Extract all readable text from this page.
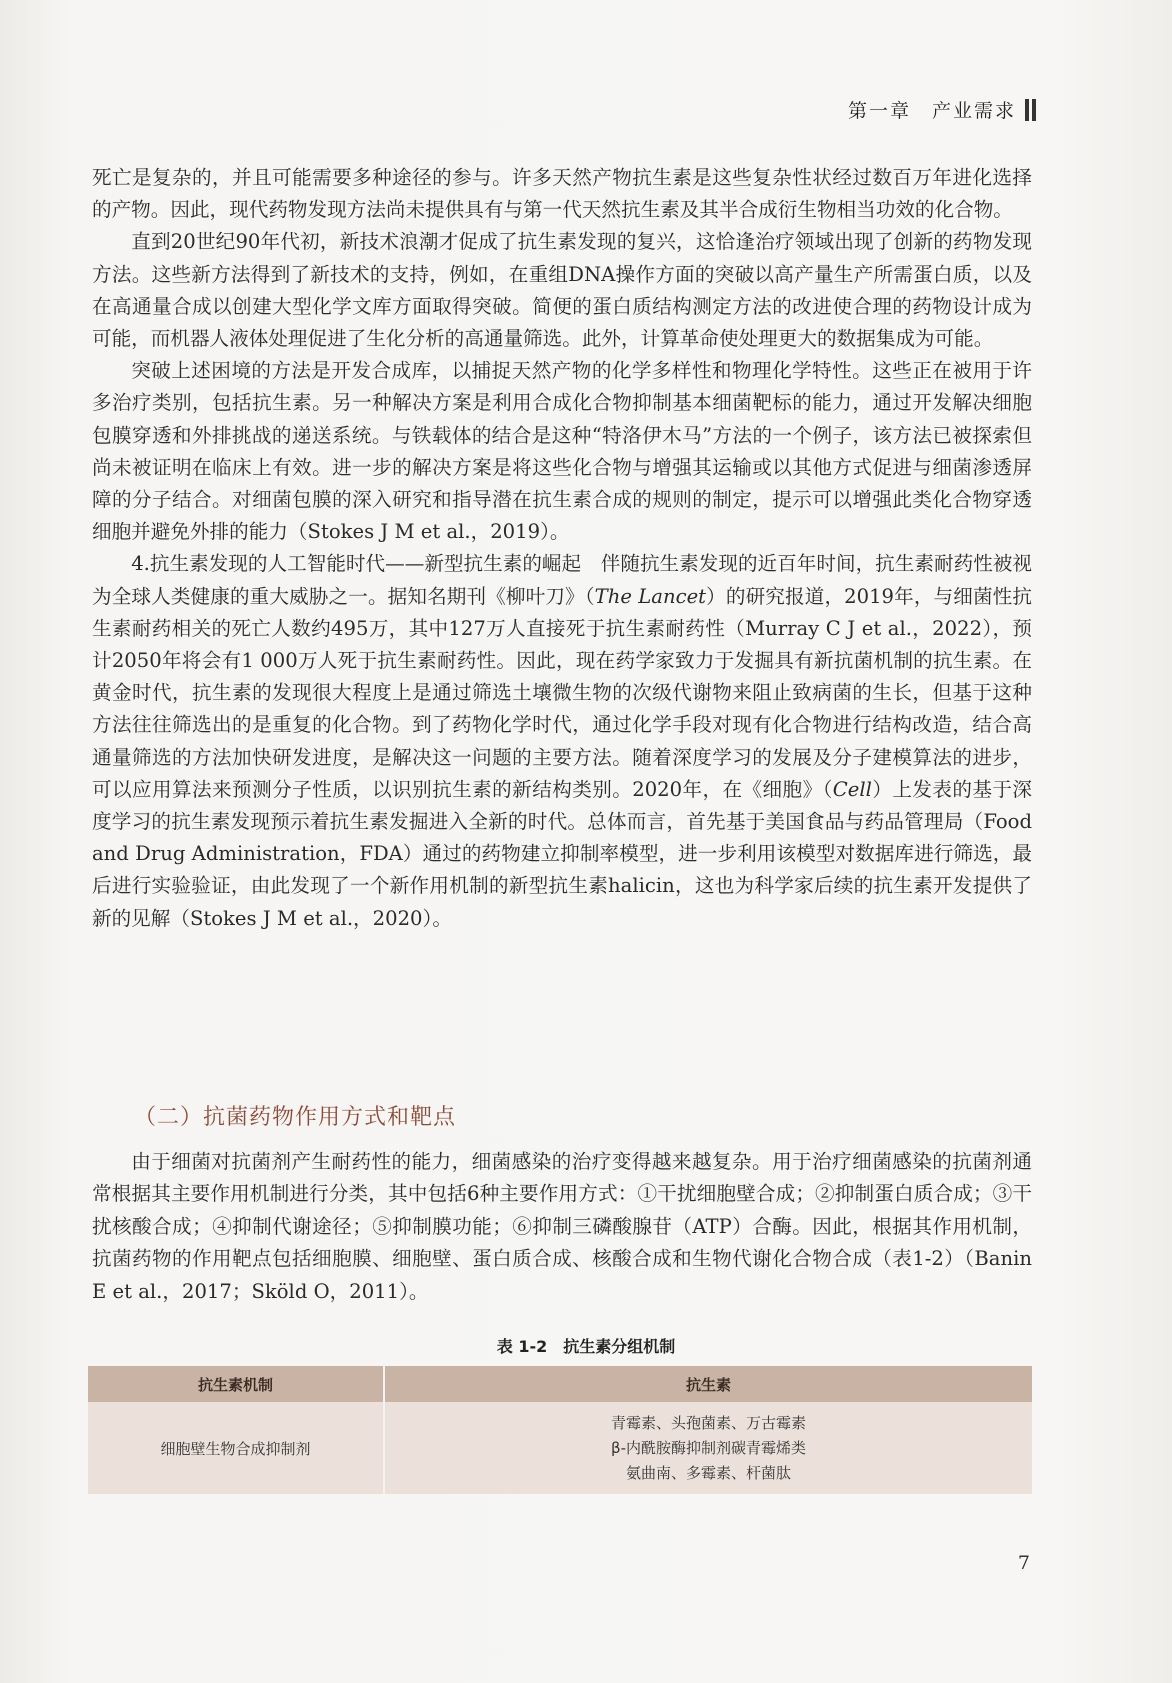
第一章　产业需求

死亡是复杂的，并且可能需要多种途径的参与。许多天然产物抗生素是这些复杂性状经过数百万年进化选择的产物。因此，现代药物发现方法尚未提供具有与第一代天然抗生素及其半合成衍生物相当功效的化合物。

直到20世纪90年代初，新技术浪潮才促成了抗生素发现的复兴，这恰逢治疗领域出现了创新的药物发现方法。这些新方法得到了新技术的支持，例如，在重组DNA操作方面的突破以高产量生产所需蛋白质，以及在高通量合成以创建大型化学文库方面取得突破。简便的蛋白质结构测定方法的改进使合理的药物设计成为可能，而机器人液体处理促进了生化分析的高通量筛选。此外，计算革命使处理更大的数据集成为可能。

突破上述困境的方法是开发合成库，以捕捉天然产物的化学多样性和物理化学特性。这些正在被用于许多治疗类别，包括抗生素。另一种解决方案是利用合成化合物抑制基本细菌靶标的能力，通过开发解决细胞包膜穿透和外排挑战的递送系统。与铁载体的结合是这种“特洛伊木马”方法的一个例子，该方法已被探索但尚未被证明在临床上有效。进一步的解决方案是将这些化合物与增强其运输或以其他方式促进与细菌渗透屏障的分子结合。对细菌包膜的深入研究和指导潜在抗生素合成的规则的制定，提示可以增强此类化合物穿透细胞并避免外排的能力（Stokes J M et al.，2019）。

4.抗生素发现的人工智能时代——新型抗生素的崛起　伴随抗生素发现的近百年时间，抗生素耐药性被视为全球人类健康的重大威胁之一。据知名期刊《柳叶刀》（The Lancet）的研究报道，2019年，与细菌性抗生素耐药相关的死亡人数约495万，其中127万人直接死于抗生素耐药性（Murray C J et al.，2022），预计2050年将会有1 000万人死于抗生素耐药性。因此，现在药学家致力于发掘具有新抗菌机制的抗生素。在黄金时代，抗生素的发现很大程度上是通过筛选土壤微生物的次级代谢物来阻止致病菌的生长，但基于这种方法往往筛选出的是重复的化合物。到了药物化学时代，通过化学手段对现有化合物进行结构改造，结合高通量筛选的方法加快研发进度，是解决这一问题的主要方法。随着深度学习的发展及分子建模算法的进步，可以应用算法来预测分子性质，以识别抗生素的新结构类别。2020年，在《细胞》（Cell）上发表的基于深度学习的抗生素发现预示着抗生素发掘进入全新的时代。总体而言，首先基于美国食品与药品管理局（Food and Drug Administration，FDA）通过的药物建立抑制率模型，进一步利用该模型对数据库进行筛选，最后进行实验验证，由此发现了一个新作用机制的新型抗生素halicin，这也为科学家后续的抗生素开发提供了新的见解（Stokes J M et al.，2020）。

（二）抗菌药物作用方式和靶点

由于细菌对抗菌剂产生耐药性的能力，细菌感染的治疗变得越来越复杂。用于治疗细菌感染的抗菌剂通常根据其主要作用机制进行分类，其中包括6种主要作用方式：①干扰细胞壁合成；②抑制蛋白质合成；③干扰核酸合成；④抑制代谢途径；⑤抑制膜功能；⑥抑制三磷酸腺苷（ATP）合酶。因此，根据其作用机制，抗菌药物的作用靶点包括细胞膜、细胞壁、蛋白质合成、核酸合成和生物代谢化合物合成（表1-2）（Banin E et al.，2017；Sköld O，2011）。

表 1-2　抗生素分组机制
抗生素机制	抗生素
细胞壁生物合成抑制剂
青霉素、头孢菌素、万古霉素
β-内酰胺酶抑制剂碳青霉烯类
氨曲南、多霉素、杆菌肽
7
